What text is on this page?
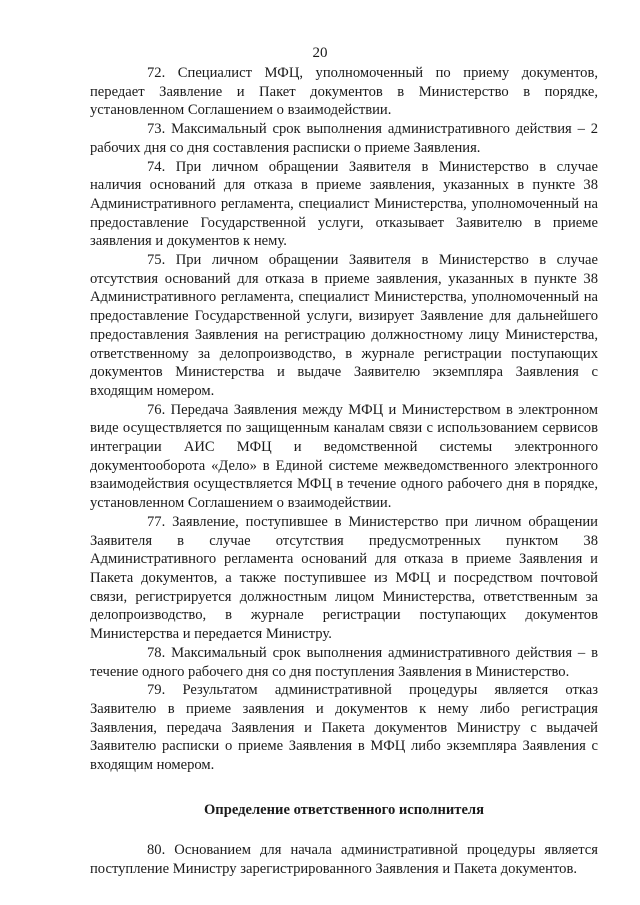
20

72. Специалист МФЦ, уполномоченный по приему документов, передает Заявление и Пакет документов в Министерство в порядке, установленном Соглашением о взаимодействии.

73. Максимальный срок выполнения административного действия – 2 рабочих дня со дня составления расписки о приеме Заявления.

74. При личном обращении Заявителя в Министерство в случае наличия оснований для отказа в приеме заявления, указанных в пункте 38 Административного регламента, специалист Министерства, уполномоченный на предоставление Государственной услуги, отказывает Заявителю в приеме заявления и документов к нему.

75. При личном обращении Заявителя в Министерство в случае отсутствия оснований для отказа в приеме заявления, указанных в пункте 38 Административного регламента, специалист Министерства, уполномоченный на предоставление Государственной услуги, визирует Заявление для дальнейшего предоставления Заявления на регистрацию должностному лицу Министерства, ответственному за делопроизводство, в журнале регистрации поступающих документов Министерства и выдаче Заявителю экземпляра Заявления с входящим номером.

76. Передача Заявления между МФЦ и Министерством в электронном виде осуществляется по защищенным каналам связи с использованием сервисов интеграции АИС МФЦ и ведомственной системы электронного документооборота «Дело» в Единой системе межведомственного электронного взаимодействия осуществляется МФЦ в течение одного рабочего дня в порядке, установленном Соглашением о взаимодействии.

77. Заявление, поступившее в Министерство при личном обращении Заявителя в случае отсутствия предусмотренных пунктом 38 Административного регламента оснований для отказа в приеме Заявления и Пакета документов, а также поступившее из МФЦ и посредством почтовой связи, регистрируется должностным лицом Министерства, ответственным за делопроизводство, в журнале регистрации поступающих документов Министерства и передается Министру.

78. Максимальный срок выполнения административного действия – в течение одного рабочего дня со дня поступления Заявления в Министерство.

79. Результатом административной процедуры является отказ Заявителю в приеме заявления и документов к нему либо регистрация Заявления, передача Заявления и Пакета документов Министру с выдачей Заявителю расписки о приеме Заявления в МФЦ либо экземпляра Заявления с входящим номером.

Определение ответственного исполнителя

80. Основанием для начала административной процедуры является поступление Министру зарегистрированного Заявления и Пакета документов.
